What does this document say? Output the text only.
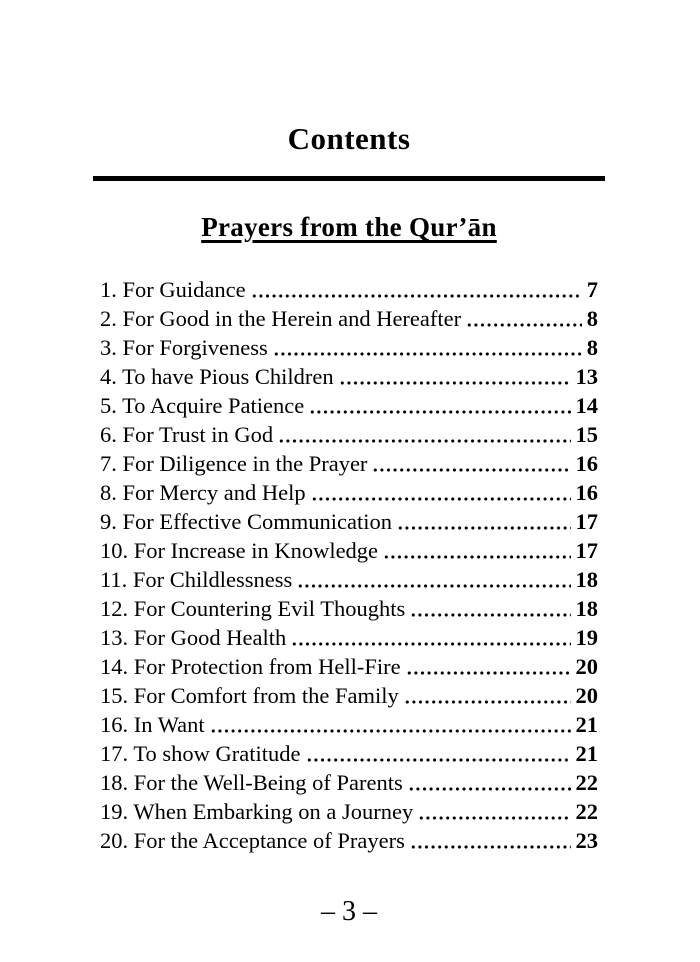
Contents
Prayers from the Qur’ān
1. For Guidance	7
2. For Good in the Herein and Hereafter	8
3. For Forgiveness	8
4. To have Pious Children	13
5. To Acquire Patience	14
6. For Trust in God	15
7. For Diligence in the Prayer	16
8. For Mercy and Help	16
9. For Effective Communication	17
10. For Increase in Knowledge	17
11. For Childlessness	18
12. For Countering Evil Thoughts	18
13. For Good Health	19
14. For Protection from Hell-Fire	20
15. For Comfort from the Family	20
16. In Want	21
17. To show Gratitude	21
18. For the Well-Being of Parents	22
19. When Embarking on a Journey	22
20. For the Acceptance of Prayers	23
– 3 –
